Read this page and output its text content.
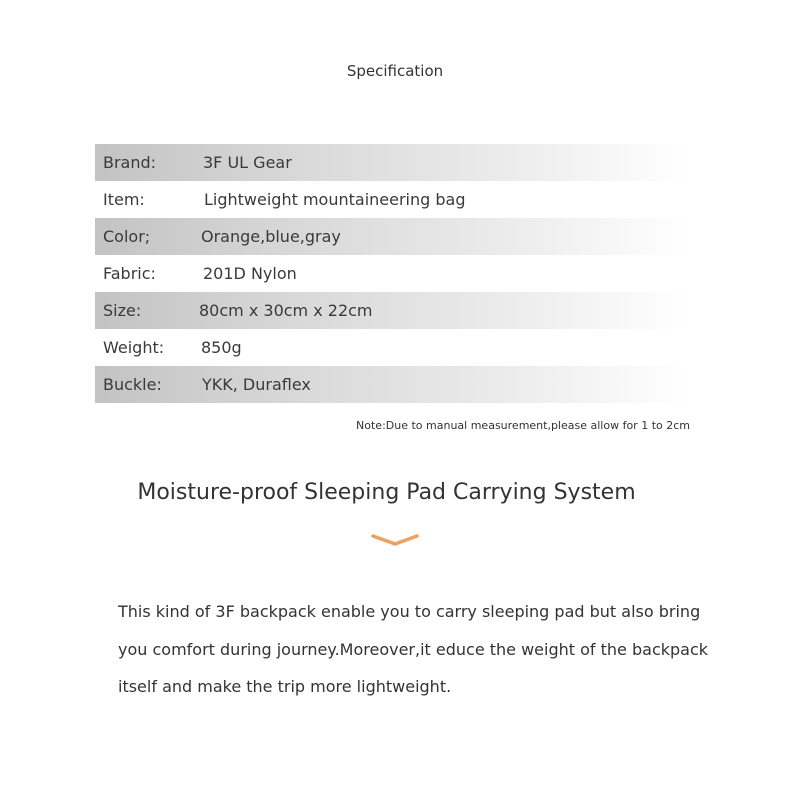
Specification
Brand:	3F UL Gear
Item:	Lightweight mountaineering bag
Color;	Orange,blue,gray
Fabric:	201D Nylon
Size:	80cm x 30cm x 22cm
Weight: 850g
Buckle:	YKK, Duraflex
Note:Due to manual measurement,please allow for 1 to 2cm
Moisture-proof Sleeping Pad Carrying System
This kind of 3F backpack enable you to carry sleeping pad but also bring
you comfort during journey.Moreover,it educe the weight of the backpack
itself and make the trip more lightweight.
